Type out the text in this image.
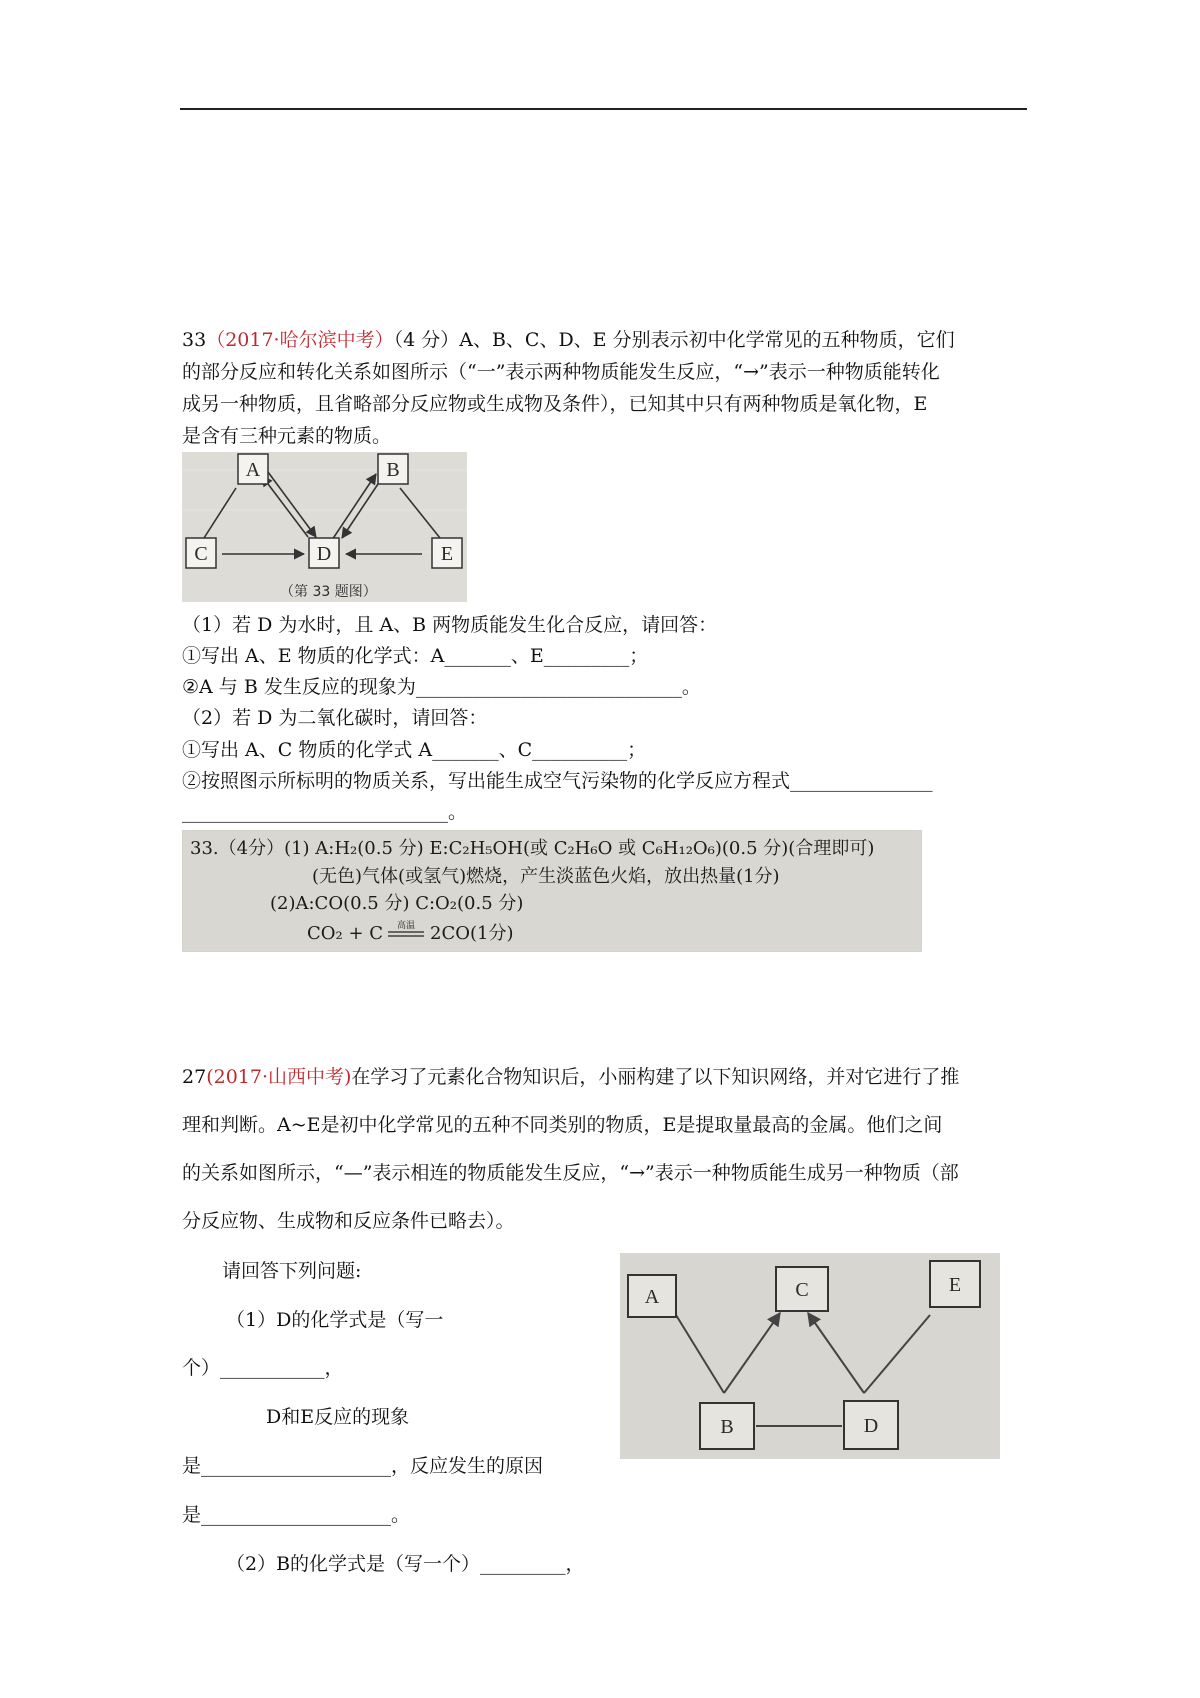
33（2017·哈尔滨中考）（4 分）A、B、C、D、E 分别表示初中化学常见的五种物质，它们
的部分反应和转化关系如图所示（“一”表示两种物质能发生反应，“→”表示一种物质能转化
成另一种物质，且省略部分反应物或生成物及条件），已知其中只有两种物质是氧化物，E
是含有三种元素的物质。
A	B
C	D	E
（第 33 题图）
（1）若 D 为水时，且 A、B 两物质能发生化合反应，请回答：
①写出 A、E 物质的化学式：A_______、E_________；
②A 与 B 发生反应的现象为____________________________。
（2）若 D 为二氧化碳时，请回答：
①写出 A、C 物质的化学式 A_______、C__________；
②按照图示所标明的物质关系，写出能生成空气污染物的化学反应方程式_______________
____________________________。
33.（4分）(1) A:H₂(0.5 分) E:C₂H₅OH(或 C₂H₆O 或 C₆H₁₂O₆)(0.5 分)(合理即可)
(无色)气体(或氢气)燃烧，产生淡蓝色火焰，放出热量(1分)
(2)A:CO(0.5 分) C:O₂(0.5 分)
CO₂ + C 高温 2CO(1分)
27(2017·山西中考)在学习了元素化合物知识后，小丽构建了以下知识网络，并对它进行了推
理和判断。A~E是初中化学常见的五种不同类别的物质，E是提取量最高的金属。他们之间
的关系如图所示，“—”表示相连的物质能发生反应，“→”表示一种物质能生成另一种物质（部
分反应物、生成物和反应条件已略去）。
请回答下列问题:
（1）D的化学式是（写一
个）___________，
D和E反应的现象
是____________________，反应发生的原因
是____________________。
（2）B的化学式是（写一个）_________，
A	C	E
B	D
